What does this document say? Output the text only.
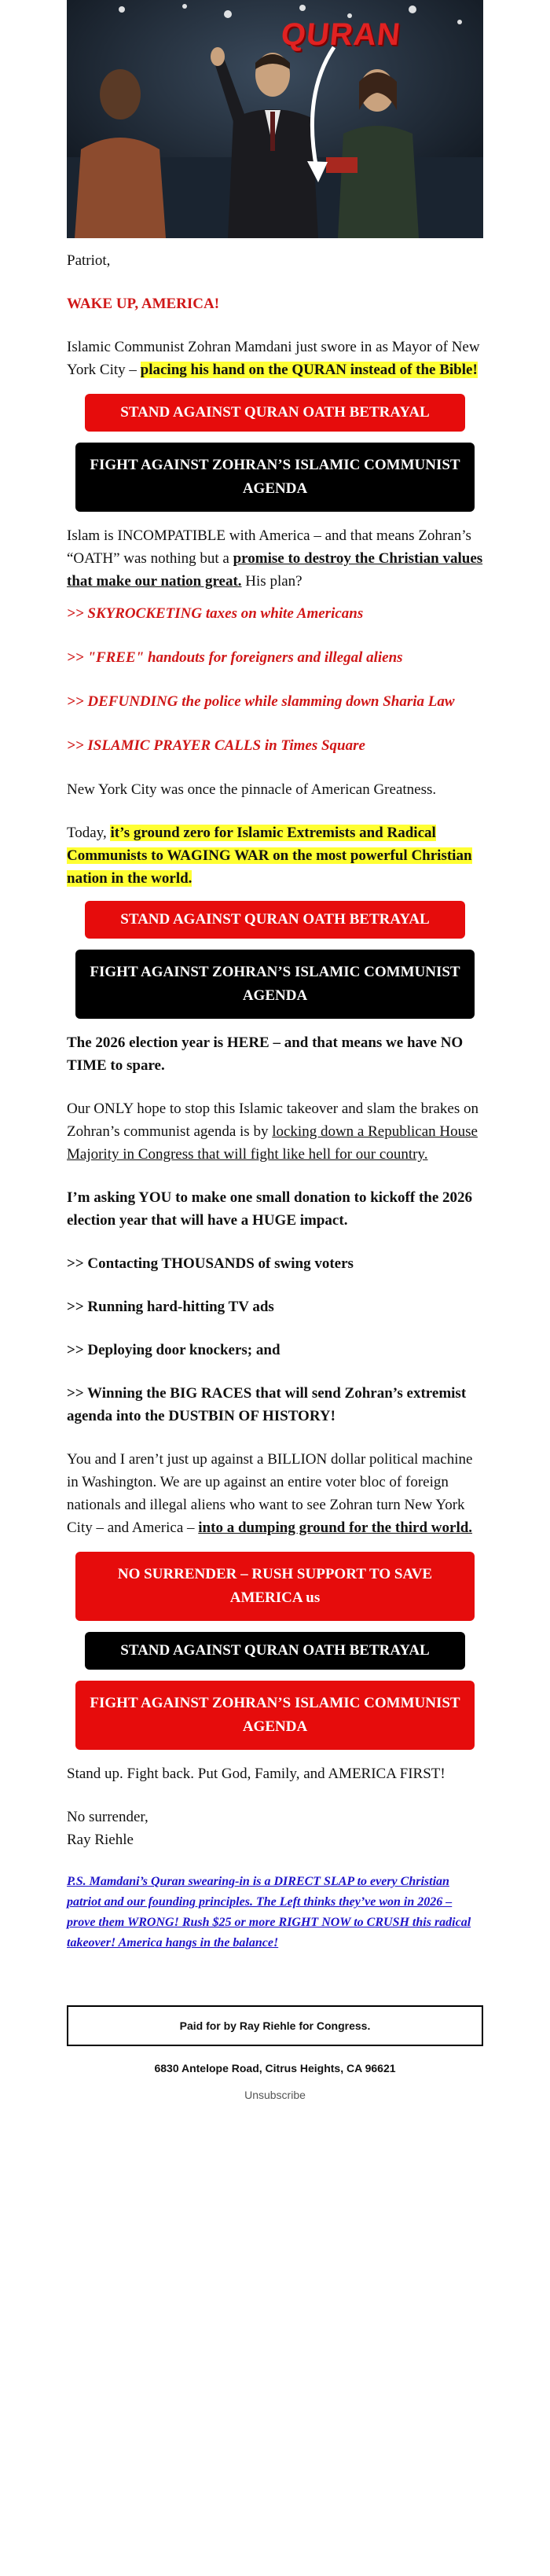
QURAN

Patriot,

WAKE UP, AMERICA!

Islamic Communist Zohran Mamdani just swore in as Mayor of New York City – placing his hand on the QURAN instead of the Bible!

STAND AGAINST QURAN OATH BETRAYAL
FIGHT AGAINST ZOHRAN’S ISLAMIC COMMUNIST AGENDA

Islam is INCOMPATIBLE with America – and that means Zohran’s “OATH” was nothing but a promise to destroy the Christian values that make our nation great. His plan?

>> SKYROCKETING taxes on white Americans

>> "FREE" handouts for foreigners and illegal aliens

>> DEFUNDING the police while slamming down Sharia Law

>> ISLAMIC PRAYER CALLS in Times Square

New York City was once the pinnacle of American Greatness.

Today, it’s ground zero for Islamic Extremists and Radical Communists to WAGING WAR on the most powerful Christian nation in the world.

STAND AGAINST QURAN OATH BETRAYAL
FIGHT AGAINST ZOHRAN’S ISLAMIC COMMUNIST AGENDA

The 2026 election year is HERE – and that means we have NO TIME to spare.

Our ONLY hope to stop this Islamic takeover and slam the brakes on Zohran’s communist agenda is by locking down a Republican House Majority in Congress that will fight like hell for our country.

I’m asking YOU to make one small donation to kickoff the 2026 election year that will have a HUGE impact.

>> Contacting THOUSANDS of swing voters

>> Running hard-hitting TV ads

>> Deploying door knockers; and

>> Winning the BIG RACES that will send Zohran’s extremist agenda into the DUSTBIN OF HISTORY!

You and I aren’t just up against a BILLION dollar political machine in Washington. We are up against an entire voter bloc of foreign nationals and illegal aliens who want to see Zohran turn New York City – and America – into a dumping ground for the third world.

NO SURRENDER – RUSH SUPPORT TO SAVE AMERICA us
STAND AGAINST QURAN OATH BETRAYAL
FIGHT AGAINST ZOHRAN’S ISLAMIC COMMUNIST AGENDA

Stand up. Fight back. Put God, Family, and AMERICA FIRST!

No surrender,

Ray Riehle

P.S. Mamdani’s Quran swearing-in is a DIRECT SLAP to every Christian patriot and our founding principles. The Left thinks they’ve won in 2026 – prove them WRONG! Rush $25 or more RIGHT NOW to CRUSH this radical takeover! America hangs in the balance!
Paid for by Ray Riehle for Congress.
6830 Antelope Road, Citrus Heights, CA 96621
Unsubscribe
